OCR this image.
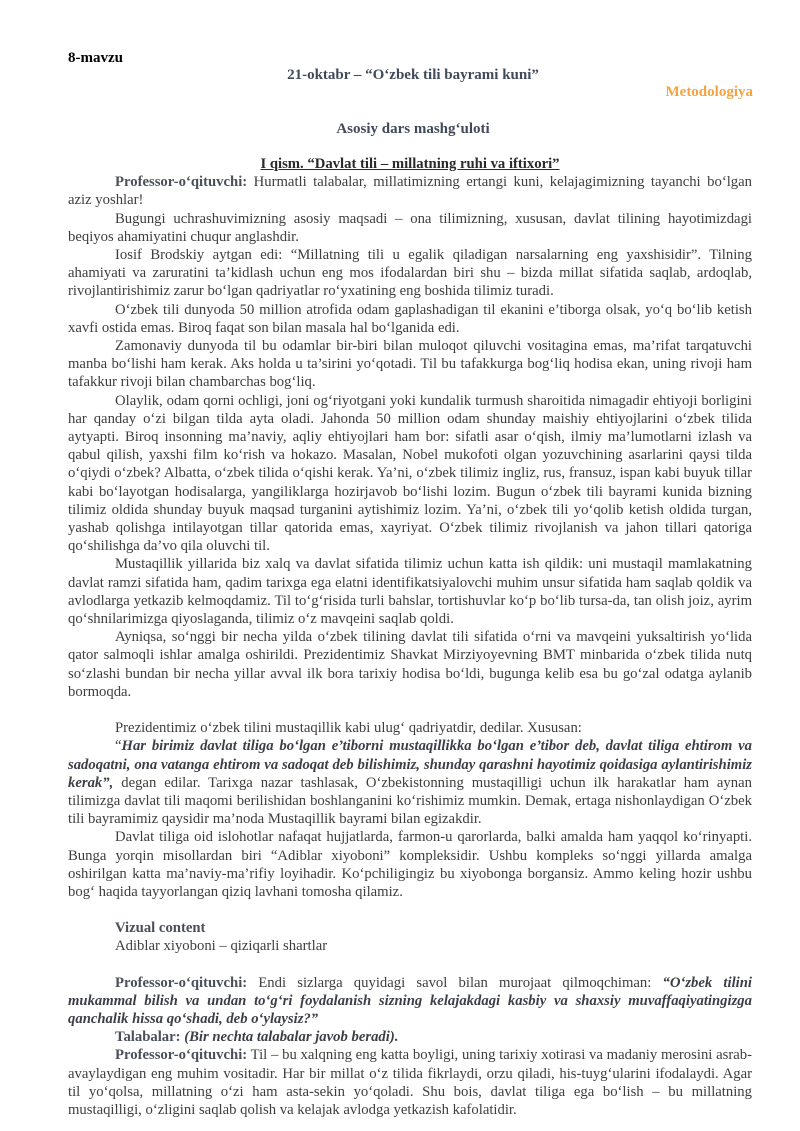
8-mavzu
21-oktabr – “O‘zbek tili bayrami kuni”
Metodologiya
Asosiy dars mashg‘uloti
I qism. “Davlat tili – millatning ruhi va iftixori”

Professor-o‘qituvchi: Hurmatli talabalar, millatimizning ertangi kuni, kelajagimizning tayanchi bo‘lgan aziz yoshlar!

Bugungi uchrashuvimizning asosiy maqsadi – ona tilimizning, xususan, davlat tilining hayotimizdagi beqiyos ahamiyatini chuqur anglashdir.

Iosif Brodskiy aytgan edi: “Millatning tili u egalik qiladigan narsalarning eng yaxshisidir”. Tilning ahamiyati va zaruratini ta’kidlash uchun eng mos ifodalardan biri shu – bizda millat sifatida saqlab, ardoqlab, rivojlantirishimiz zarur bo‘lgan qadriyatlar ro‘yxatining eng boshida tilimiz turadi.

O‘zbek tili dunyoda 50 million atrofida odam gaplashadigan til ekanini e’tiborga olsak, yo‘q bo‘lib ketish xavfi ostida emas. Biroq faqat son bilan masala hal bo‘lganida edi.

Zamonaviy dunyoda til bu odamlar bir-biri bilan muloqot qiluvchi vositagina emas, ma’rifat tarqatuvchi manba bo‘lishi ham kerak. Aks holda u ta’sirini yo‘qotadi. Til bu tafakkurga bog‘liq hodisa ekan, uning rivoji ham tafakkur rivoji bilan chambarchas bog‘liq.

Olaylik, odam qorni ochligi, joni og‘riyotgani yoki kundalik turmush sharoitida nimagadir ehtiyoji borligini har qanday o‘zi bilgan tilda ayta oladi. Jahonda 50 million odam shunday maishiy ehtiyojlarini o‘zbek tilida aytyapti. Biroq insonning ma’naviy, aqliy ehtiyojlari ham bor: sifatli asar o‘qish, ilmiy ma’lumotlarni izlash va qabul qilish, yaxshi film ko‘rish va hokazo. Masalan, Nobel mukofoti olgan yozuvchining asarlarini qaysi tilda o‘qiydi o‘zbek? Albatta, o‘zbek tilida o‘qishi kerak. Ya’ni, o‘zbek tilimiz ingliz, rus, fransuz, ispan kabi buyuk tillar kabi bo‘layotgan hodisalarga, yangiliklarga hozirjavob bo‘lishi lozim. Bugun o‘zbek tili bayrami kunida bizning tilimiz oldida shunday buyuk maqsad turganini aytishimiz lozim. Ya’ni, o‘zbek tili yo‘qolib ketish oldida turgan, yashab qolishga intilayotgan tillar qatorida emas, xayriyat. O‘zbek tilimiz rivojlanish va jahon tillari qatoriga qo‘shilishga da’vo qila oluvchi til.

Mustaqillik yillarida biz xalq va davlat sifatida tilimiz uchun katta ish qildik: uni mustaqil mamlakatning davlat ramzi sifatida ham, qadim tarixga ega elatni identifikatsiyalovchi muhim unsur sifatida ham saqlab qoldik va avlodlarga yetkazib kelmoqdamiz. Til to‘g‘risida turli bahslar, tortishuvlar ko‘p bo‘lib tursa-da, tan olish joiz, ayrim qo‘shnilarimizga qiyoslaganda, tilimiz o‘z mavqeini saqlab qoldi.

Ayniqsa, so‘nggi bir necha yilda o‘zbek tilining davlat tili sifatida o‘rni va mavqeini yuksaltirish yo‘lida qator salmoqli ishlar amalga oshirildi. Prezidentimiz Shavkat Mirziyoyevning BMT minbarida o‘zbek tilida nutq so‘zlashi bundan bir necha yillar avval ilk bora tarixiy hodisa bo‘ldi, bugunga kelib esa bu go‘zal odatga aylanib bormoqda.

Prezidentimiz o‘zbek tilini mustaqillik kabi ulug‘ qadriyatdir, dedilar. Xususan:

“Har birimiz davlat tiliga bo‘lgan e’tiborni mustaqillikka bo‘lgan e’tibor deb, davlat tiliga ehtirom va sadoqatni, ona vatanga ehtirom va sadoqat deb bilishimiz, shunday qarashni hayotimiz qoidasiga aylantirishimiz kerak”, degan edilar. Tarixga nazar tashlasak, O‘zbekistonning mustaqilligi uchun ilk harakatlar ham aynan tilimizga davlat tili maqomi berilishidan boshlanganini ko‘rishimiz mumkin. Demak, ertaga nishonlaydigan O‘zbek tili bayramimiz qaysidir ma’noda Mustaqillik bayrami bilan egizakdir.

Davlat tiliga oid islohotlar nafaqat hujjatlarda, farmon-u qarorlarda, balki amalda ham yaqqol ko‘rinyapti. Bunga yorqin misollardan biri “Adiblar xiyoboni” kompleksidir. Ushbu kompleks so‘nggi yillarda amalga oshirilgan katta ma’naviy-ma’rifiy loyihadir. Ko‘pchiligingiz bu xiyobonga borgansiz. Ammo keling hozir ushbu bog‘ haqida tayyorlangan qiziq lavhani tomosha qilamiz.

Vizual content
Adiblar xiyoboni – qiziqarli shartlar

Professor-o‘qituvchi: Endi sizlarga quyidagi savol bilan murojaat qilmoqchiman: “O‘zbek tilini mukammal bilish va undan to‘g‘ri foydalanish sizning kelajakdagi kasbiy va shaxsiy muvaffaqiyatingizga qanchalik hissa qo‘shadi, deb o‘ylaysiz?”

Talabalar: (Bir nechta talabalar javob beradi).

Professor-o‘qituvchi: Til – bu xalqning eng katta boyligi, uning tarixiy xotirasi va madaniy merosini asrab-avaylaydigan eng muhim vositadir. Har bir millat o‘z tilida fikrlaydi, orzu qiladi, his-tuyg‘ularini ifodalaydi. Agar til yo‘qolsa, millatning o‘zi ham asta-sekin yo‘qoladi. Shu bois, davlat tiliga ega bo‘lish – bu millatning mustaqilligi, o‘zligini saqlab qolish va kelajak avlodga yetkazish kafolatidir.
